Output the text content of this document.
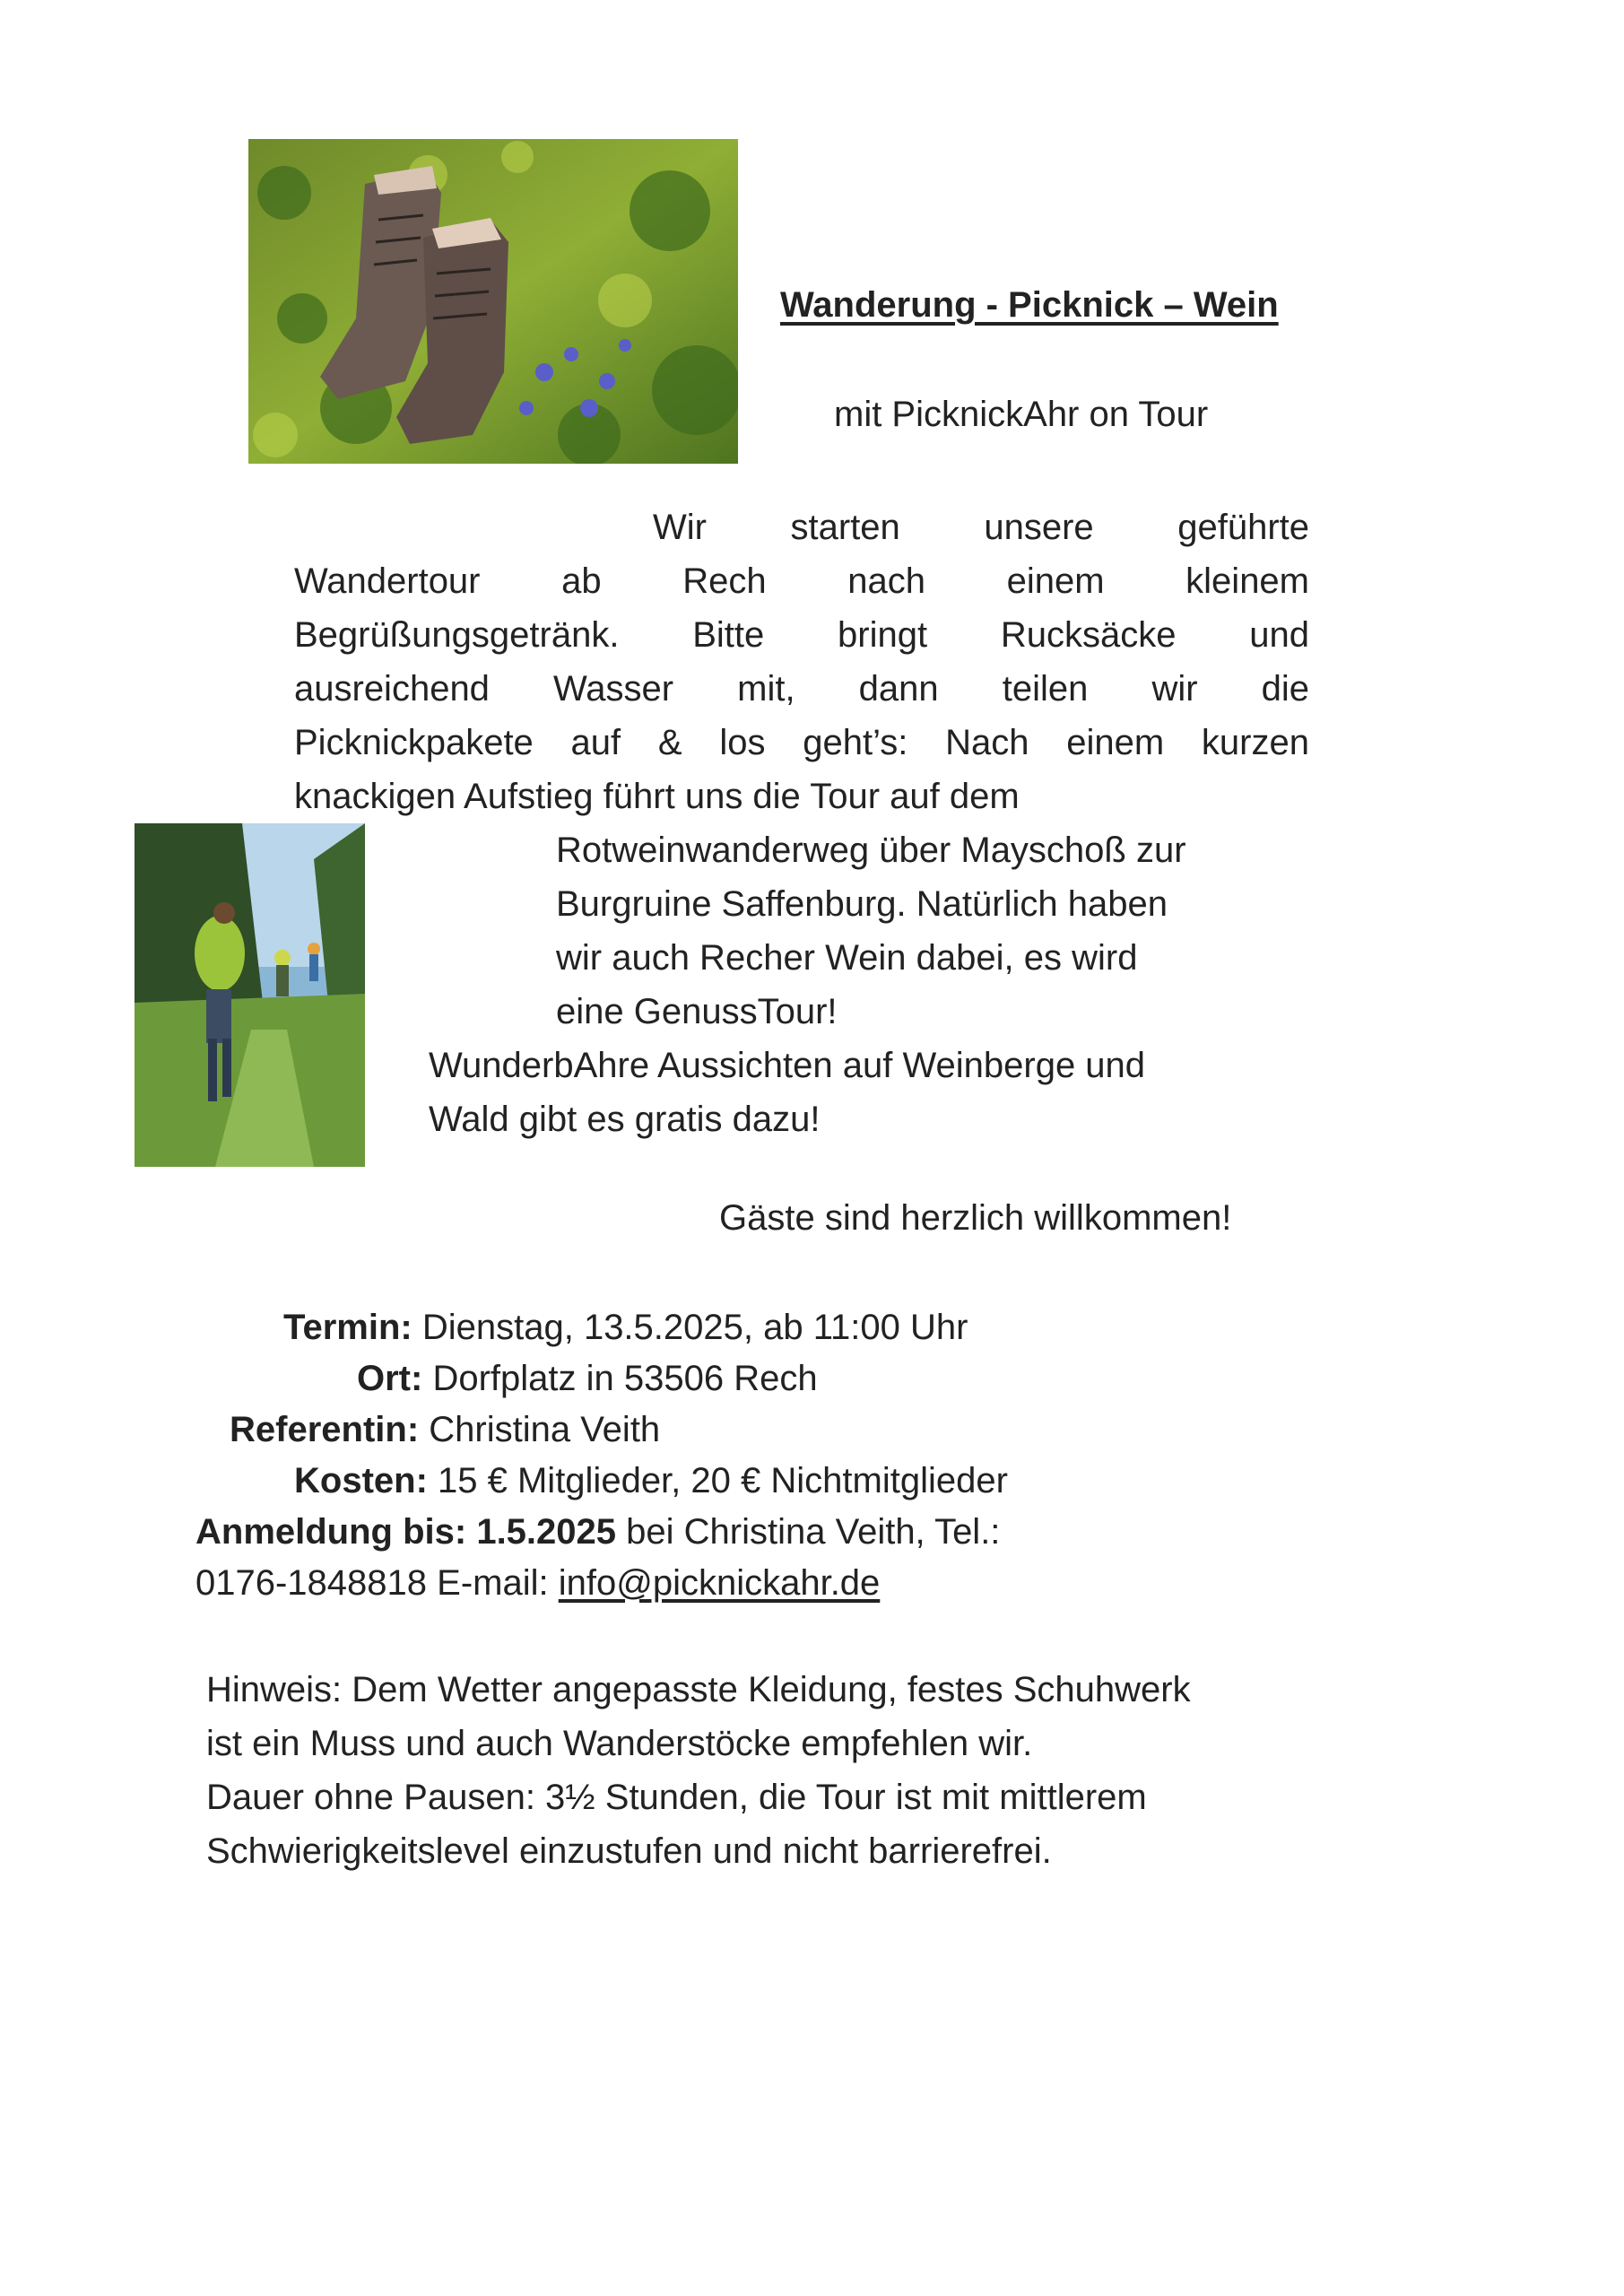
Wanderung - Picknick – Wein
mit PicknickAhr on Tour
Wir starten unsere geführte
Wandertour ab Rech nach einem kleinem
Begrüßungsgetränk. Bitte bringt Rucksäcke und
ausreichend Wasser mit, dann teilen wir die
Picknickpakete auf & los geht’s: Nach einem kurzen
knackigen Aufstieg führt uns die Tour auf dem
Rotweinwanderweg über Mayschoß zur
Burgruine Saffenburg. Natürlich haben
wir auch Recher Wein dabei, es wird
eine GenussTour!
WunderbAhre Aussichten auf Weinberge und
Wald gibt es gratis dazu!
Gäste sind herzlich willkommen!
Termin: Dienstag, 13.5.2025, ab 11:00 Uhr
Ort: Dorfplatz in 53506 Rech
Referentin: Christina Veith
Kosten: 15 € Mitglieder, 20 € Nichtmitglieder
Anmeldung bis: 1.5.2025 bei Christina Veith, Tel.:
0176-1848818 E-mail: info@picknickahr.de
Hinweis: Dem Wetter angepasste Kleidung, festes Schuhwerk
ist ein Muss und auch Wanderstöcke empfehlen wir.
Dauer ohne Pausen: 3½ Stunden, die Tour ist mit mittlerem
Schwierigkeitslevel einzustufen und nicht barrierefrei.
